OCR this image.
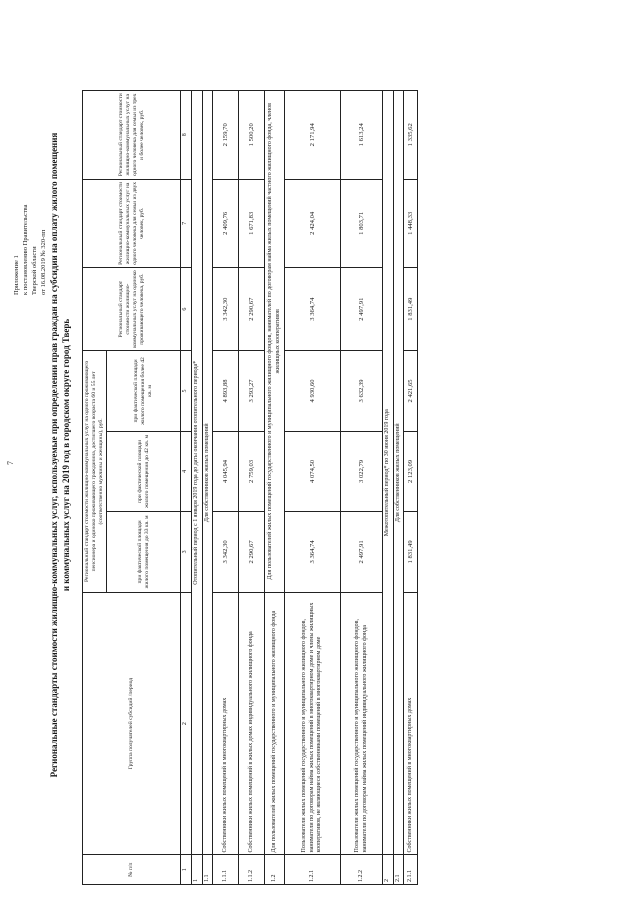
7
Приложение 1 к постановлению Правительства Тверской области от 16.08.2019 № 320-пп Региональные стандарты стоимости жилищно-коммунальных услуг, используемые при определении прав граждан на субсидии на оплату жилого помещения и коммунальных услуг на 2019 год в городском округе город Тверь
№ п/п	Группа получателей субсидий /период	Региональный стандарт стоимости жилищно-коммунальных услуг на одного проживающего пенсионера и одиноко проживающего гражданина, достигшего возраста 60 и 55 лет (соответственно мужчины и женщины), руб.			Региональный стандарт стоимости жилищно-коммунальных услуг на одиноко проживающего человека, руб.	Региональный стандарт стоимости жилищно-коммунальных услуг на одного человека для семьи из двух человек, руб.	Региональный стандарт стоимости жилищно-коммунальных услуг на одного человека для семьи из трех и более человек, руб.
		при фактической площади жилого помещения до 33 кв. м	при фактической площади жилого помещения до 42 кв. м	при фактической площади жилого помещения более 42 кв. м			
1	2	3	4	5	6	7	8
1	Отопительный период с 1 января 2019 года до даты окончания отопительного периода*						
1.1	Для собственников жилых помещений						
1.1.1	Собственники жилых помещений в многоквартирных домах	3 342,30	4 045,94	4 893,88	3 342,30	2 409,76	2 159,70
1.1.2	Собственники жилых помещений в жилых домах индивидуального жилищного фонда	2 290,67	2 759,03	3 293,27	2 290,67	1 671,83	1 500,20
1.2	Для пользователей жилых помещений государственного и муниципального жилищного фонда	Для пользователей жилых помещений государственного и муниципального жилищного фондов, нанимателей по договорам найма жилых помещений частного жилищного фонда, членов жилищных кооперативов					
1.2.1	Пользователи жилых помещений государственного и муниципального жилищного фондов, наниматели по договорам найма жилых помещений в многоквартирном доме и члены жилищных кооперативов, не являющиеся собственниками помещений в многоквартирном доме	3 364,74	4 074,50	4 930,60	3 364,74	2 424,04	2 171,94
1.2.2	Пользователи жилых помещений государственного и муниципального жилищного фондов, наниматели по договорам найма жилых помещений индивидуального жилищного фонда	2 497,91	3 022,79	3 632,39	2 497,91	1 803,71	1 613,24
2	Межотопительный период* по 30 июня 2019 года						
2.1	Для собственников жилых помещений						
2.1.1	Собственники жилых помещений в многоквартирных домах	1 831,49	2 123,09	2 421,65	1 831,49	1 448,33	1 335,62
